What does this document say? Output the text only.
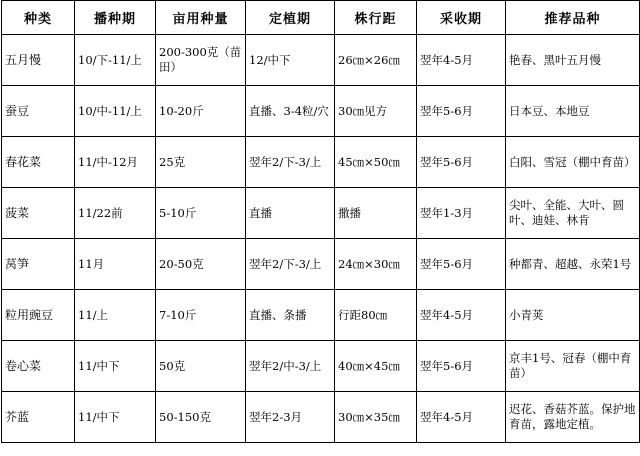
种类	播种期	亩用种量	定植期	株行距	采收期	推荐品种
五月慢	10/下-11/上	200-300克（苗田）	12/中下	26㎝×26㎝	翌年4-5月	艳春、黑叶五月慢
蚕豆	10/中-11/上	10-20斤	直播、3-4粒/穴	30㎝见方	翌年5-6月	日本豆、本地豆
春花菜	11/中-12月	25克	翌年2/下-3/上	45㎝×50㎝	翌年5-6月	白阳、雪冠（棚中育苗）
菠菜	11/22前	5-10斤	直播	撒播	翌年1-3月	尖叶、全能、大叶、圆叶、迪娃、林肯
莴笋	11月	20-50克	翌年2/下-3/上	24㎝×30㎝	翌年5-6月	种都青、超越、永荣1号
粒用豌豆	11/上	7-10斤	直播、条播	行距80㎝	翌年4-5月	小青荚
卷心菜	11/中下	50克	翌年2/中-3/上	40㎝×45㎝	翌年5-6月	京丰1号、冠春（棚中育苗）
芥蓝	11/中下	50-150克	翌年2-3月	30㎝×35㎝	翌年4-5月	迟花、香菇芥蓝。保护地育苗，露地定植。
